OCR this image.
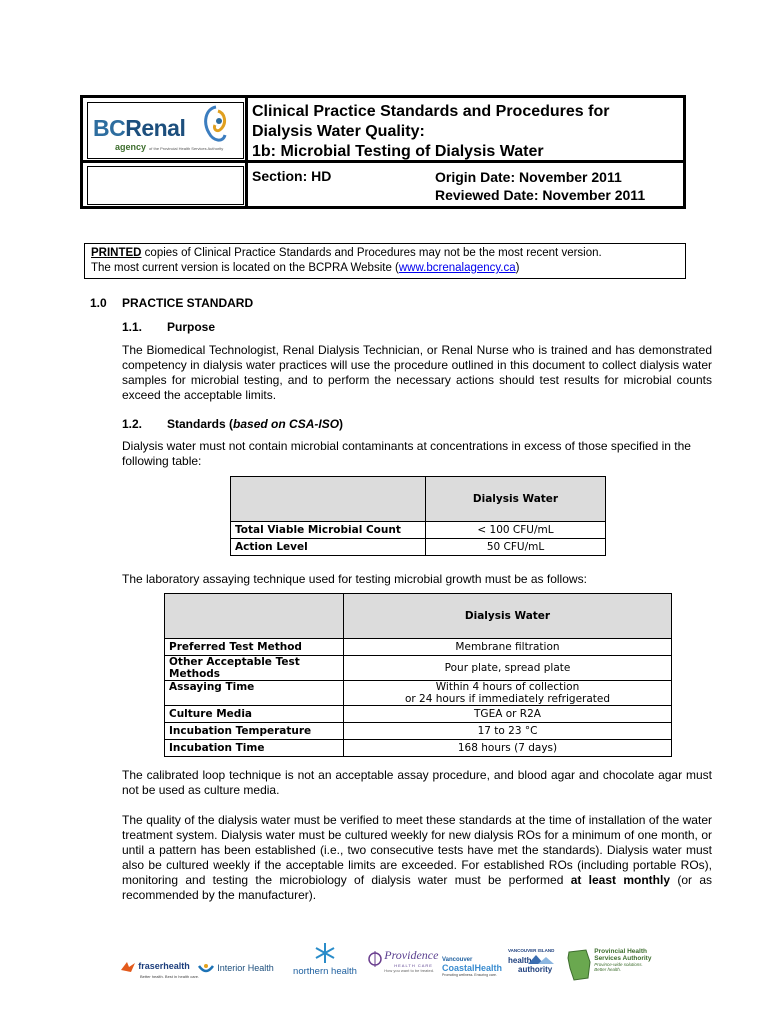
BCRenal
agency of the Provincial Health Services Authority
Clinical Practice Standards and Procedures for
Dialysis Water Quality:
1b: Microbial Testing of Dialysis Water
Section: HD	Origin Date: November 2011
Reviewed Date: November 2011
PRINTED copies of Clinical Practice Standards and Procedures may not be the most recent version.
The most current version is located on the BCPRA Website (www.bcrenalagency.ca)
1.0 PRACTICE STANDARD
1.1. Purpose
The Biomedical Technologist, Renal Dialysis Technician, or Renal Nurse who is trained and has demonstrated competency in dialysis water practices will use the procedure outlined in this document to collect dialysis water samples for microbial testing, and to perform the necessary actions should test results for microbial counts exceed the acceptable limits.
1.2. Standards (based on CSA-ISO)
Dialysis water must not contain microbial contaminants at concentrations in excess of those specified in the following table:
	Dialysis Water
Total Viable Microbial Count	< 100 CFU/mL
Action Level	50 CFU/mL
The laboratory assaying technique used for testing microbial growth must be as follows:
	Dialysis Water
Preferred Test Method	Membrane filtration
Other Acceptable Test Methods	Pour plate, spread plate
Assaying Time	Within 4 hours of collection
or 24 hours if immediately refrigerated

Culture Media	TGEA or R2A
Incubation Temperature	17 to 23 °C
Incubation Time	168 hours (7 days)
The calibrated loop technique is not an acceptable assay procedure, and blood agar and chocolate agar must not be used as culture media.
The quality of the dialysis water must be verified to meet these standards at the time of installation of the water treatment system. Dialysis water must be cultured weekly for new dialysis ROs for a minimum of one month, or until a pattern has been established (i.e., two consecutive tests have met the standards). Dialysis water must also be cultured weekly if the acceptable limits are exceeded. For established ROs (including portable ROs), monitoring and testing the microbiology of dialysis water must be performed at least monthly (or as recommended by the manufacturer).
fraserhealth
Better health. Best in health care.
Interior Health	northern health
Providence
HEALTH CARE
How you want to be treated.
Vancouver
CoastalHealth
Promoting wellness. Ensuring care.
VANCOUVER ISLAND
health
authority

Provincial Health
Services Authority
Province-wide solutions.
Better health.
